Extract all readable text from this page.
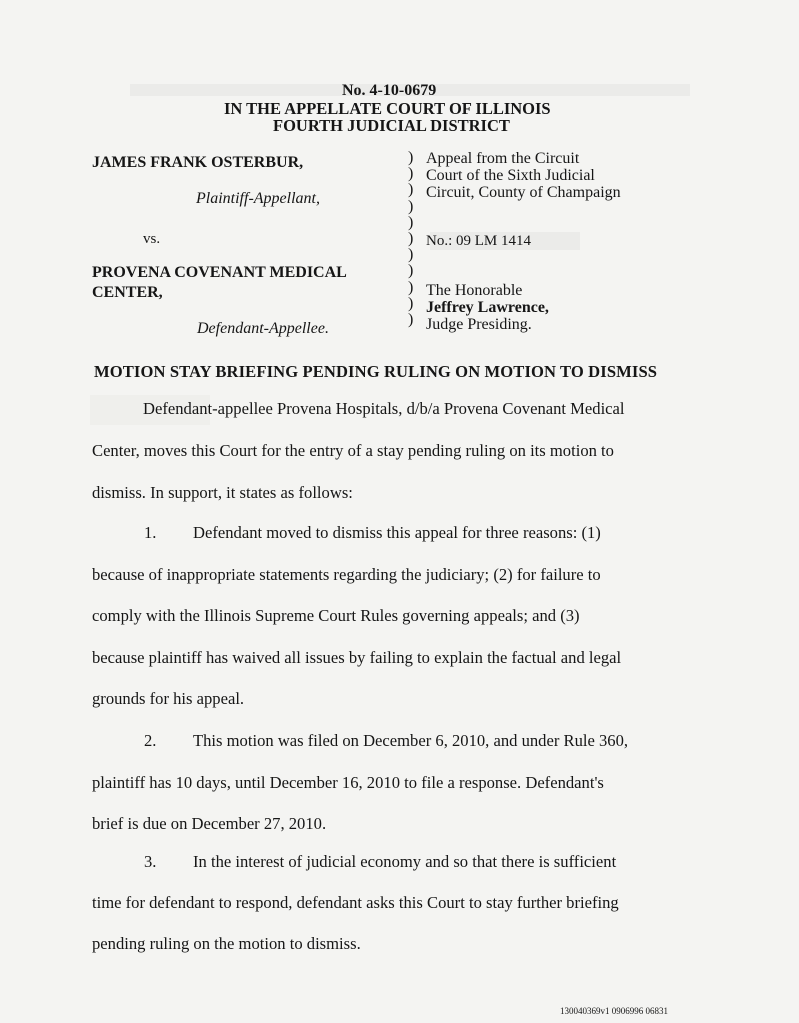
No. 4-10-0679
IN THE APPELLATE COURT OF ILLINOIS
FOURTH JUDICIAL DISTRICT
JAMES FRANK OSTERBUR,
Plaintiff-Appellant,
vs.
PROVENA COVENANT MEDICAL
CENTER,
Defendant-Appellee.
)
)
)
)
)
)
)
)
)
)
)
Appeal from the Circuit
Court of the Sixth Judicial
Circuit, County of Champaign
No.: 09 LM 1414
The Honorable
Jeffrey Lawrence,
Judge Presiding.
MOTION STAY BRIEFING PENDING RULING ON MOTION TO DISMISS
Defendant-appellee Provena Hospitals, d/b/a Provena Covenant Medical
Center, moves this Court for the entry of a stay pending ruling on its motion to
dismiss. In support, it states as follows:
1. Defendant moved to dismiss this appeal for three reasons: (1)
because of inappropriate statements regarding the judiciary; (2) for failure to
comply with the Illinois Supreme Court Rules governing appeals; and (3)
because plaintiff has waived all issues by failing to explain the factual and legal
grounds for his appeal.
2. This motion was filed on December 6, 2010, and under Rule 360,
plaintiff has 10 days, until December 16, 2010 to file a response. Defendant's
brief is due on December 27, 2010.
3. In the interest of judicial economy and so that there is sufficient
time for defendant to respond, defendant asks this Court to stay further briefing
pending ruling on the motion to dismiss.
130040369v1 0906996 06831
